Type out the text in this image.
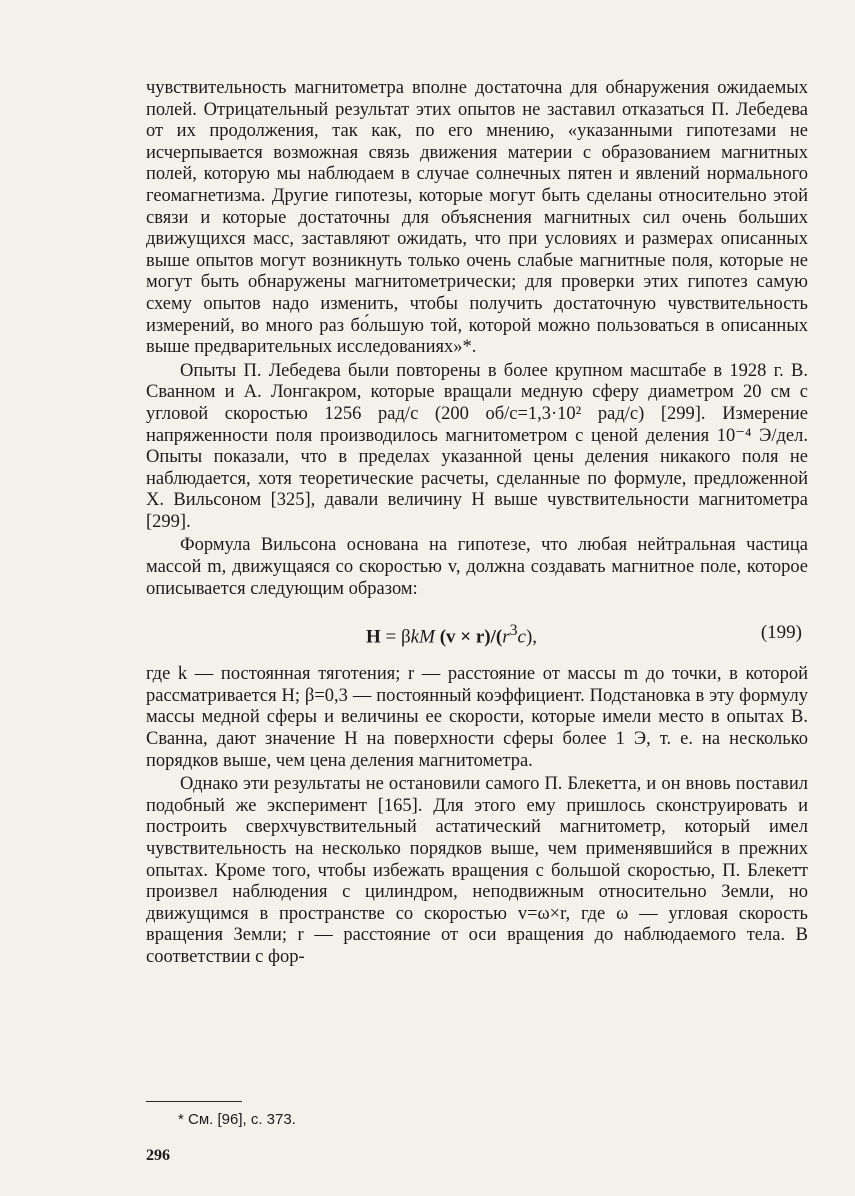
чувствительность магнитометра вполне достаточна для обнаружения ожидаемых полей. Отрицательный результат этих опытов не заставил отказаться П. Лебедева от их продолжения, так как, по его мнению, «указанными гипотезами не исчерпывается возможная связь движения материи с образованием магнитных полей, которую мы наблюдаем в случае солнечных пятен и явлений нормального геомагнетизма. Другие гипотезы, которые могут быть сделаны относительно этой связи и которые достаточны для объяснения магнитных сил очень больших движущихся масс, заставляют ожидать, что при условиях и размерах описанных выше опытов могут возникнуть только очень слабые магнитные поля, которые не могут быть обнаружены магнитометрически; для проверки этих гипотез самую схему опытов надо изменить, чтобы получить достаточную чувствительность измерений, во много раз бо́льшую той, которой можно пользоваться в описанных выше предварительных исследованиях»*.

Опыты П. Лебедева были повторены в более крупном масштабе в 1928 г. В. Сванном и А. Лонгакром, которые вращали медную сферу диаметром 20 см с угловой скоростью 1256 рад/с (200 об/с=1,3·10² рад/с) [299]. Измерение напряженности поля производилось магнитометром с ценой деления 10⁻⁴ Э/дел. Опыты показали, что в пределах указанной цены деления никакого поля не наблюдается, хотя теоретические расчеты, сделанные по формуле, предложенной Х. Вильсоном [325], давали величину H выше чувствительности магнитометра [299].

Формула Вильсона основана на гипотезе, что любая нейтральная частица массой m, движущаяся со скоростью v, должна создавать магнитное поле, которое описывается следующим образом:

H = βkM $(v \times r)/(r^3c)$,	(199)

где k — постоянная тяготения; r — расстояние от массы m до точки, в которой рассматривается H; β=0,3 — постоянный коэффициент. Подстановка в эту формулу массы медной сферы и величины ее скорости, которые имели место в опытах В. Сванна, дают значение H на поверхности сферы более 1 Э, т. е. на несколько порядков выше, чем цена деления магнитометра.

Однако эти результаты не остановили самого П. Блекетта, и он вновь поставил подобный же эксперимент [165]. Для этого ему пришлось сконструировать и построить сверхчувствительный астатический магнитометр, который имел чувствительность на несколько порядков выше, чем применявшийся в прежних опытах. Кроме того, чтобы избежать вращения с большой скоростью, П. Блекетт произвел наблюдения с цилиндром, неподвижным относительно Земли, но движущимся в пространстве со скоростью v=ω×r, где ω — угловая скорость вращения Земли; r — расстояние от оси вращения до наблюдаемого тела. В соответствии с фор-

* См. [96], с. 373.
296
